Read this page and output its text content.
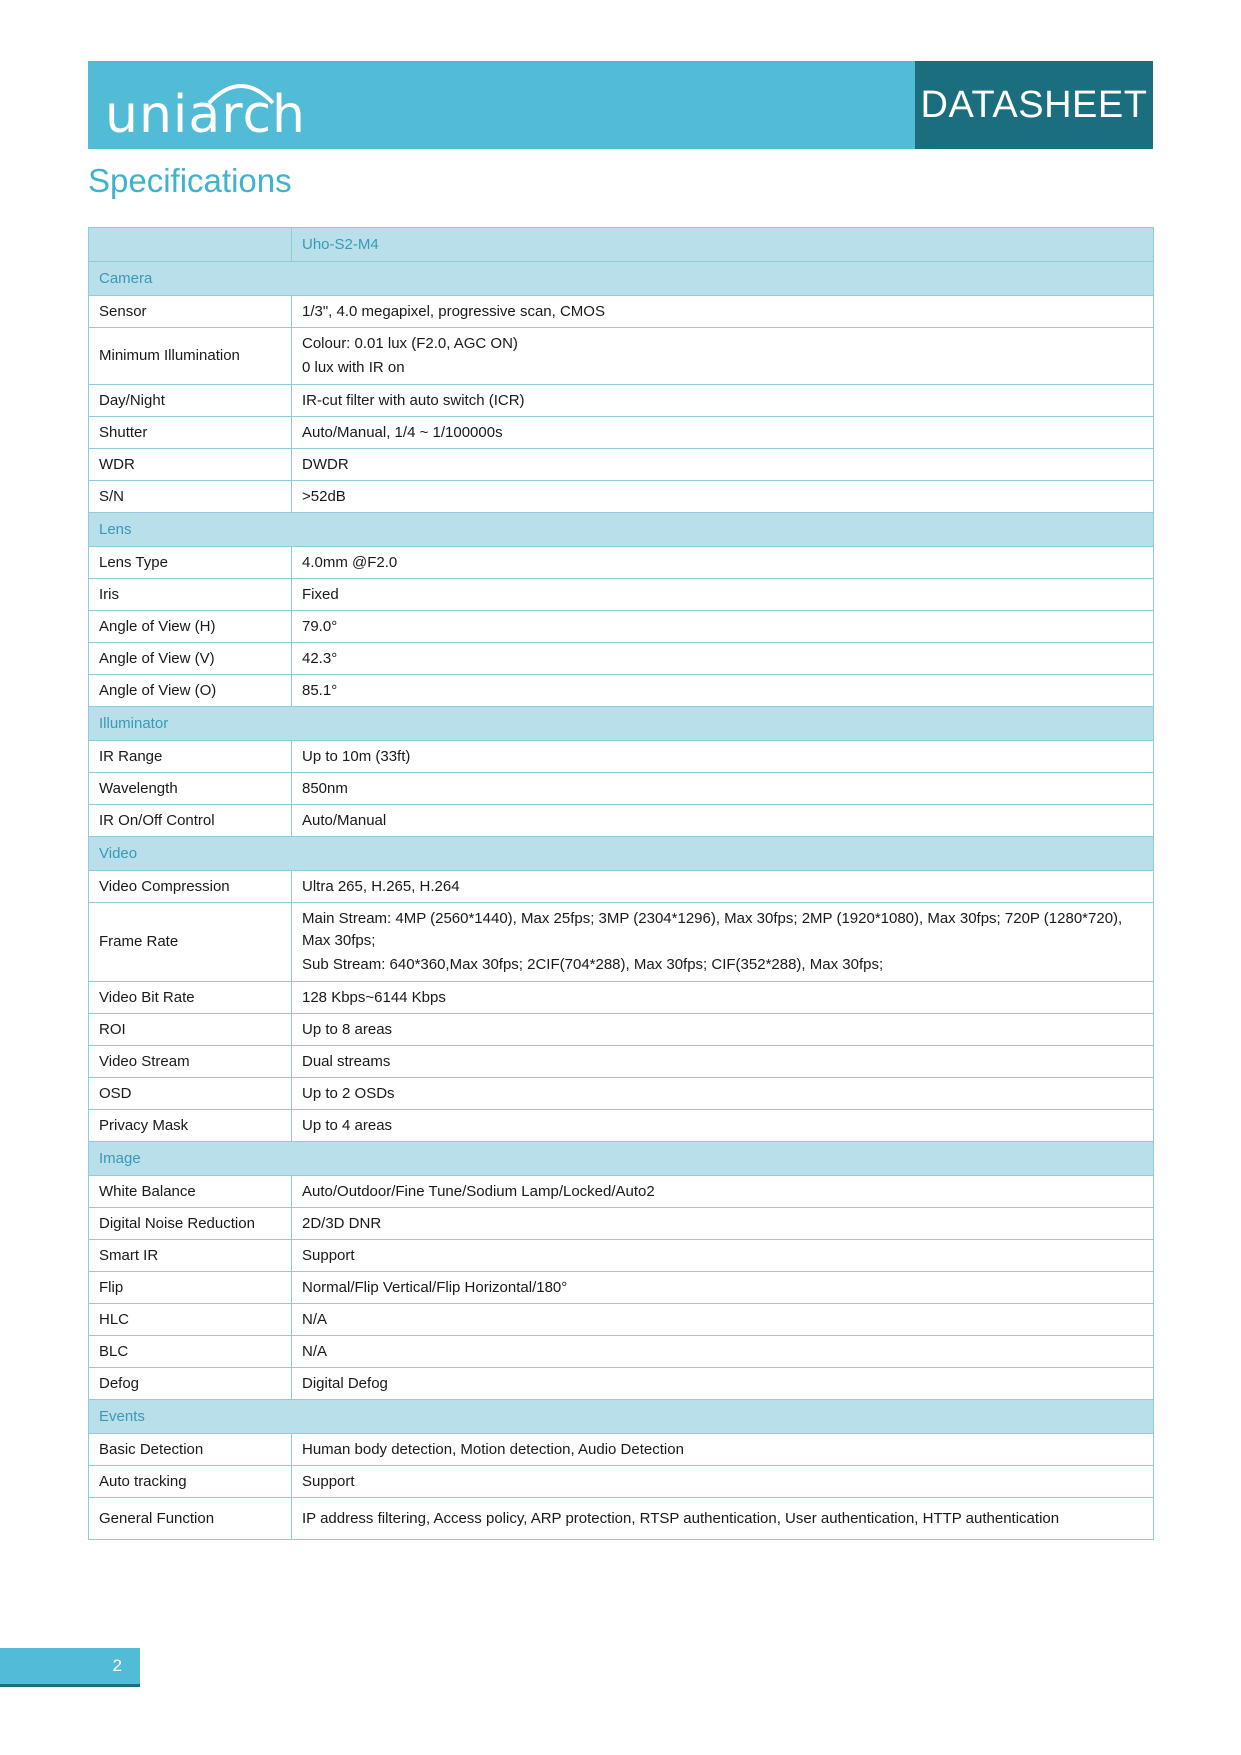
uniarch	DATASHEET
Specifications
	Uho-S2-M4
Camera	
Sensor	1/3", 4.0 megapixel, progressive scan, CMOS

Minimum Illumination	Colour: 0.01 lux (F2.0, AGC ON)
0 lux with IR on

Day/Night	IR-cut filter with auto switch (ICR)

Shutter	Auto/Manual, 1/4 ~ 1/100000s

WDR	DWDR

S/N	>52dB

Lens	
Lens Type	4.0mm @F2.0

Iris	Fixed

Angle of View (H)	79.0°

Angle of View (V)	42.3°

Angle of View (O)	85.1°

Illuminator	
IR Range	Up to 10m (33ft)

Wavelength	850nm

IR On/Off Control	Auto/Manual

Video	
Video Compression	Ultra 265, H.265, H.264

Frame Rate	Main Stream: 4MP (2560*1440), Max 25fps; 3MP (2304*1296), Max 30fps; 2MP (1920*1080), Max 30fps; 720P (1280*720), Max 30fps;
Sub Stream: 640*360,Max 30fps; 2CIF(704*288), Max 30fps; CIF(352*288), Max 30fps;

Video Bit Rate	128 Kbps~6144 Kbps

ROI	Up to 8 areas

Video Stream	Dual streams

OSD	Up to 2 OSDs

Privacy Mask	Up to 4 areas

Image	
White Balance	Auto/Outdoor/Fine Tune/Sodium Lamp/Locked/Auto2

Digital Noise Reduction	2D/3D DNR

Smart IR	Support

Flip	Normal/Flip Vertical/Flip Horizontal/180°

HLC	N/A

BLC	N/A

Defog	Digital Defog

Events	
Basic Detection	Human body detection, Motion detection, Audio Detection

Auto tracking	Support

General Function	IP address filtering, Access policy, ARP protection, RTSP authentication, User authentication, HTTP authentication
2
